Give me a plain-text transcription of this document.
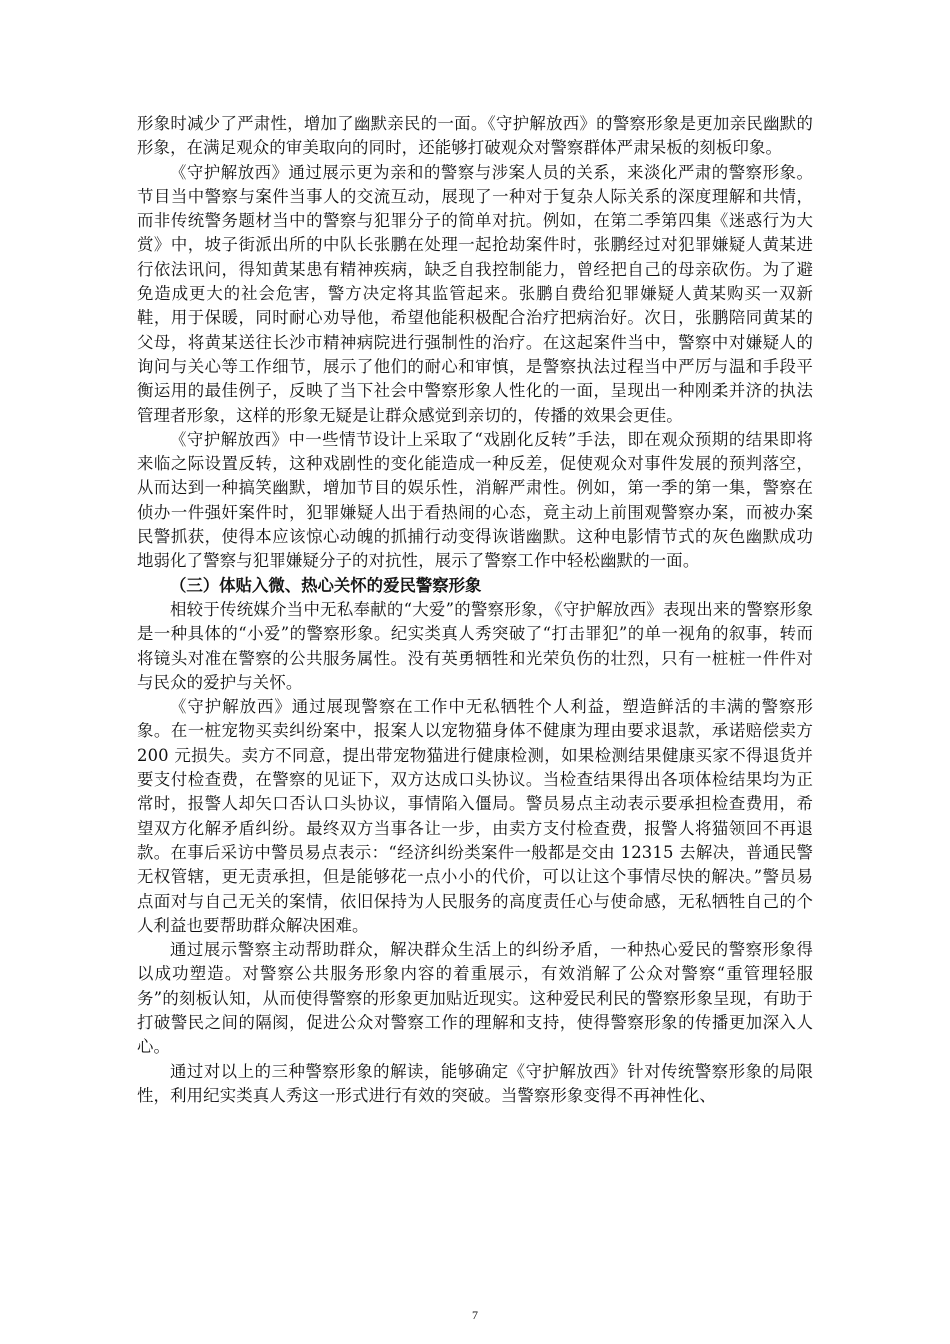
形象时减少了严肃性，增加了幽默亲民的一面。《守护解放西》的警察形象是更加亲民幽默的形象，在满足观众的审美取向的同时，还能够打破观众对警察群体严肃呆板的刻板印象。

《守护解放西》通过展示更为亲和的警察与涉案人员的关系，来淡化严肃的警察形象。节目当中警察与案件当事人的交流互动，展现了一种对于复杂人际关系的深度理解和共情，而非传统警务题材当中的警察与犯罪分子的简单对抗。例如，在第二季第四集《迷惑行为大赏》中，坡子街派出所的中队长张鹏在处理一起抢劫案件时，张鹏经过对犯罪嫌疑人黄某进行依法讯问，得知黄某患有精神疾病，缺乏自我控制能力，曾经把自己的母亲砍伤。为了避免造成更大的社会危害，警方决定将其监管起来。张鹏自费给犯罪嫌疑人黄某购买一双新鞋，用于保暖，同时耐心劝导他，希望他能积极配合治疗把病治好。次日，张鹏陪同黄某的父母，将黄某送往长沙市精神病院进行强制性的治疗。在这起案件当中，警察中对嫌疑人的询问与关心等工作细节，展示了他们的耐心和审慎，是警察执法过程当中严厉与温和手段平衡运用的最佳例子，反映了当下社会中警察形象人性化的一面，呈现出一种刚柔并济的执法管理者形象，这样的形象无疑是让群众感觉到亲切的，传播的效果会更佳。

《守护解放西》中一些情节设计上采取了“戏剧化反转”手法，即在观众预期的结果即将来临之际设置反转，这种戏剧性的变化能造成一种反差，促使观众对事件发展的预判落空，从而达到一种搞笑幽默，增加节目的娱乐性，消解严肃性。例如，第一季的第一集，警察在侦办一件强奸案件时，犯罪嫌疑人出于看热闹的心态，竟主动上前围观警察办案，而被办案民警抓获，使得本应该惊心动魄的抓捕行动变得诙谐幽默。这种电影情节式的灰色幽默成功地弱化了警察与犯罪嫌疑分子的对抗性，展示了警察工作中轻松幽默的一面。

（三）体贴入微、热心关怀的爱民警察形象

相较于传统媒介当中无私奉献的“大爱”的警察形象，《守护解放西》表现出来的警察形象是一种具体的“小爱”的警察形象。纪实类真人秀突破了“打击罪犯”的单一视角的叙事，转而将镜头对准在警察的公共服务属性。没有英勇牺牲和光荣负伤的壮烈，只有一桩桩一件件对与民众的爱护与关怀。

《守护解放西》通过展现警察在工作中无私牺牲个人利益，塑造鲜活的丰满的警察形象。在一桩宠物买卖纠纷案中，报案人以宠物猫身体不健康为理由要求退款，承诺赔偿卖方 200 元损失。卖方不同意，提出带宠物猫进行健康检测，如果检测结果健康买家不得退货并要支付检查费，在警察的见证下，双方达成口头协议。当检查结果得出各项体检结果均为正常时，报警人却矢口否认口头协议，事情陷入僵局。警员易点主动表示要承担检查费用，希望双方化解矛盾纠纷。最终双方当事各让一步，由卖方支付检查费，报警人将猫领回不再退款。在事后采访中警员易点表示：“经济纠纷类案件一般都是交由 12315 去解决，普通民警无权管辖，更无责承担，但是能够花一点小小的代价，可以让这个事情尽快的解决。”警员易点面对与自己无关的案情，依旧保持为人民服务的高度责任心与使命感，无私牺牲自己的个人利益也要帮助群众解决困难。

通过展示警察主动帮助群众，解决群众生活上的纠纷矛盾，一种热心爱民的警察形象得以成功塑造。对警察公共服务形象内容的着重展示，有效消解了公众对警察“重管理轻服务”的刻板认知，从而使得警察的形象更加贴近现实。这种爱民利民的警察形象呈现，有助于打破警民之间的隔阂，促进公众对警察工作的理解和支持，使得警察形象的传播更加深入人心。

通过对以上的三种警察形象的解读，能够确定《守护解放西》针对传统警察形象的局限性，利用纪实类真人秀这一形式进行有效的突破。当警察形象变得不再神性化、

7
